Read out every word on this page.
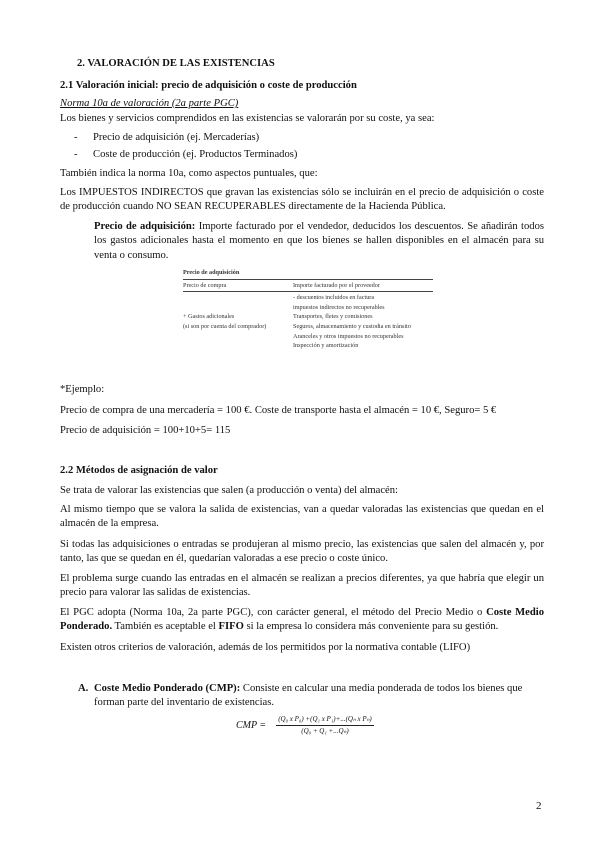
2. VALORACIÓN DE LAS EXISTENCIAS
2.1 Valoración inicial: precio de adquisición o coste de producción
Norma 10a de valoración (2a parte PGC)
Los bienes y servicios comprendidos en las existencias se valorarán por su coste, ya sea:
- Precio de adquisición (ej. Mercaderías)
- Coste de producción (ej. Productos Terminados)
También indica la norma 10a, como aspectos puntuales, que:
Los IMPUESTOS INDIRECTOS que gravan las existencias sólo se incluirán en el precio de adquisición o coste de producción cuando NO SEAN RECUPERABLES directamente de la Hacienda Pública.
Precio de adquisición: Importe facturado por el vendedor, deducidos los descuentos. Se añadirán todos los gastos adicionales hasta el momento en que los bienes se hallen disponibles en el almacén para su venta o consumo.
Precio de adquisición
Precio de compra	Importe facturado por el proveedor
- descuentos incluidos en factura
impuestos indirectos no recuperables
+ Gastos adicionales	Transportes, fletes y comisiones
(si son por cuenta del comprador)	Seguros, almacenamiento y custodia en tránsito
Aranceles y otros impuestos no recuperables
Inspección y amortización
*Ejemplo:
Precio de compra de una mercadería = 100 €. Coste de transporte hasta el almacén = 10 €, Seguro= 5 €
Precio de adquisición = 100+10+5= 115
2.2 Métodos de asignación de valor
Se trata de valorar las existencias que salen (a producción o venta) del almacén:
Al mismo tiempo que se valora la salida de existencias, van a quedar valoradas las existencias que quedan en el almacén de la empresa.
Si todas las adquisiciones o entradas se produjeran al mismo precio, las existencias que salen del almacén y, por tanto, las que se quedan en él, quedarían valoradas a ese precio o coste único.
El problema surge cuando las entradas en el almacén se realizan a precios diferentes, ya que habría que elegir un precio para valorar las salidas de existencias.
El PGC adopta (Norma 10a, 2a parte PGC), con carácter general, el método del Precio Medio o Coste Medio Ponderado. También es aceptable el FIFO si la empresa lo considera más conveniente para su gestión.
Existen otros criterios de valoración, además de los permitidos por la normativa contable (LIFO)
A. Coste Medio Ponderado (CMP): Consiste en calcular una media ponderada de todos los bienes que forman parte del inventario de existencias.
CMP = $\frac{\text{(Q₀ x P₀) +(Q₁ x P₁)+...(Qₙ x Pₙ)}}{\text{(Q₀ + Q₁ +...Qₙ)}}$
2
